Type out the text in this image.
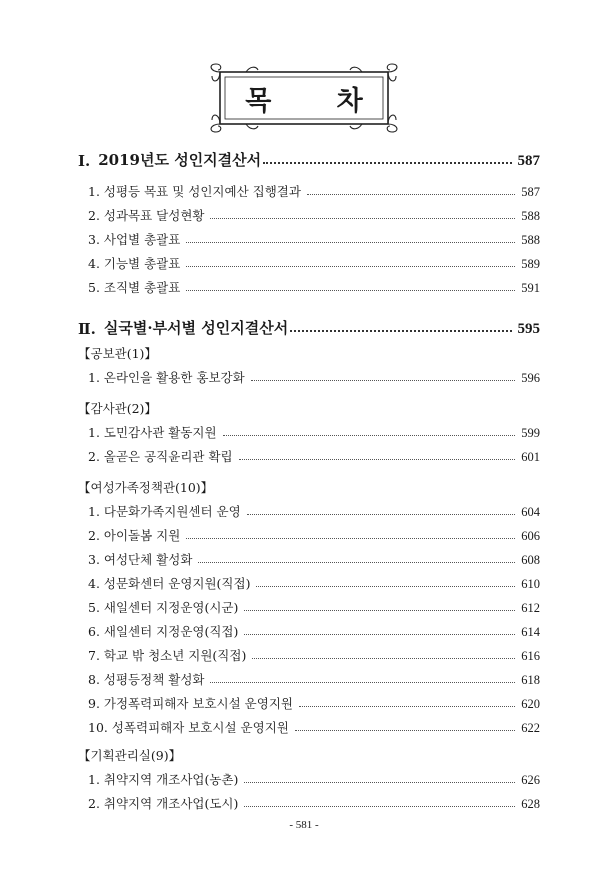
목 차
Ⅰ. 2019년도 성인지결산서	587
1. 성평등 목표 및 성인지예산 집행결과	587
2. 성과목표 달성현황	588
3. 사업별 총괄표	588
4. 기능별 총괄표	589
5. 조직별 총괄표	591
Ⅱ. 실국별·부서별 성인지결산서	595
【공보관(1)】
1. 온라인을 활용한 홍보강화	596
【감사관(2)】
1. 도민감사관 활동지원	599
2. 올곧은 공직윤리관 확립	601
【여성가족정책관(10)】
1. 다문화가족지원센터 운영	604
2. 아이돌봄 지원	606
3. 여성단체 활성화	608
4. 성문화센터 운영지원(직접)	610
5. 새일센터 지정운영(시군)	612
6. 새일센터 지정운영(직접)	614
7. 학교 밖 청소년 지원(직접)	616
8. 성평등정책 활성화	618
9. 가정폭력피해자 보호시설 운영지원	620
10. 성폭력피해자 보호시설 운영지원	622
【기획관리실(9)】
1. 취약지역 개조사업(농촌)	626
2. 취약지역 개조사업(도시)	628
- 581 -
